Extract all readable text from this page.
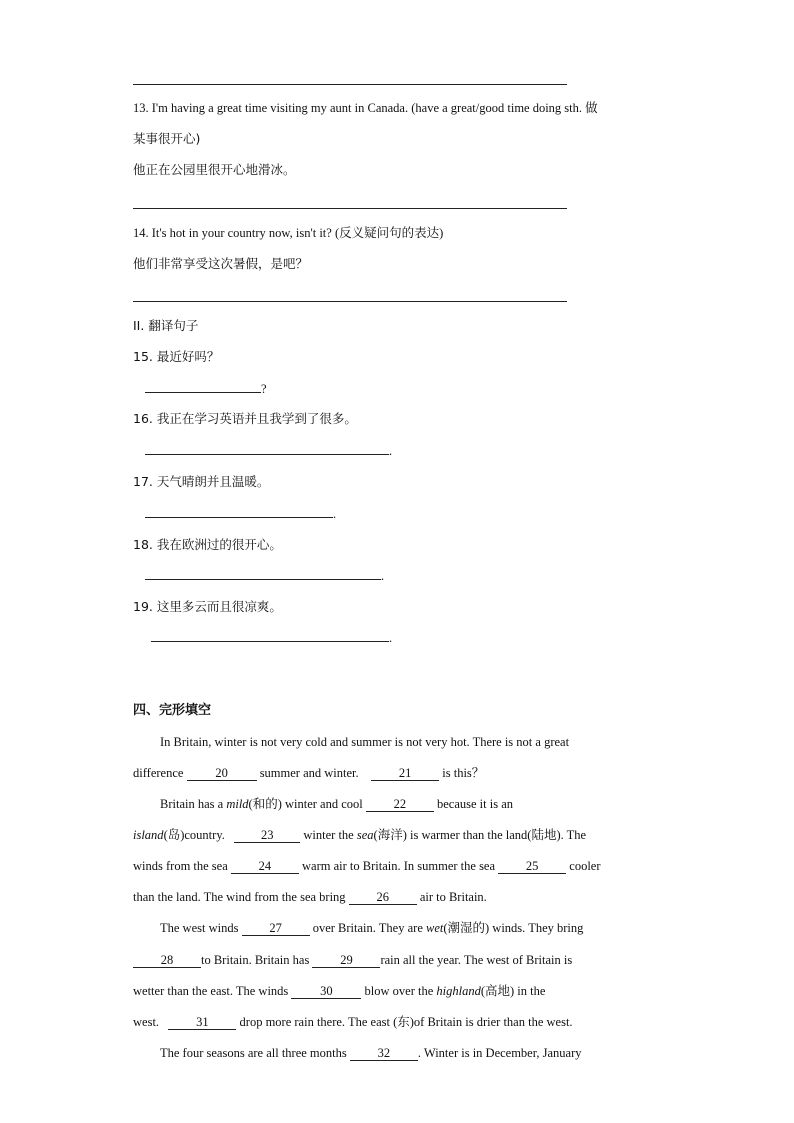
13. I'm having a great time visiting my aunt in Canada. (have a great/good time doing sth. 做
某事很开心)
他正在公园里很开心地滑冰。
14. It's hot in your country now, isn't it? (反义疑问句的表达)
他们非常享受这次暑假，是吧？
II. 翻译句子
15. 最近好吗？
?
16. 我正在学习英语并且我学到了很多。
.
17. 天气晴朗并且温暖。
.
18. 我在欧洲过的很开心。
.
19. 这里多云而且很凉爽。
.
四、完形填空
In Britain, winter is not very cold and summer is not very hot. There is not a great
difference	20	summer and winter.	21 is this？
Britain has a mild(和的) winter and cool 22 because it is an
island(岛)country.	23 winter the sea(海洋) is warmer than the land(陆地). The
winds from the sea 24 warm air to Britain. In summer the sea 25 cooler
than the land. The wind from the sea bring 26 air to Britain.
The west winds 27 over Britain. They are wet(潮湿的) winds. They bring
28 to Britain. Britain has 29 rain all the year. The west of Britain is
wetter than the east. The winds	30	blow over the highland(高地) in the
west.	31 drop more rain there. The east (东)of Britain is drier than the west.
The four seasons are all three months 32 . Winter is in December, January
